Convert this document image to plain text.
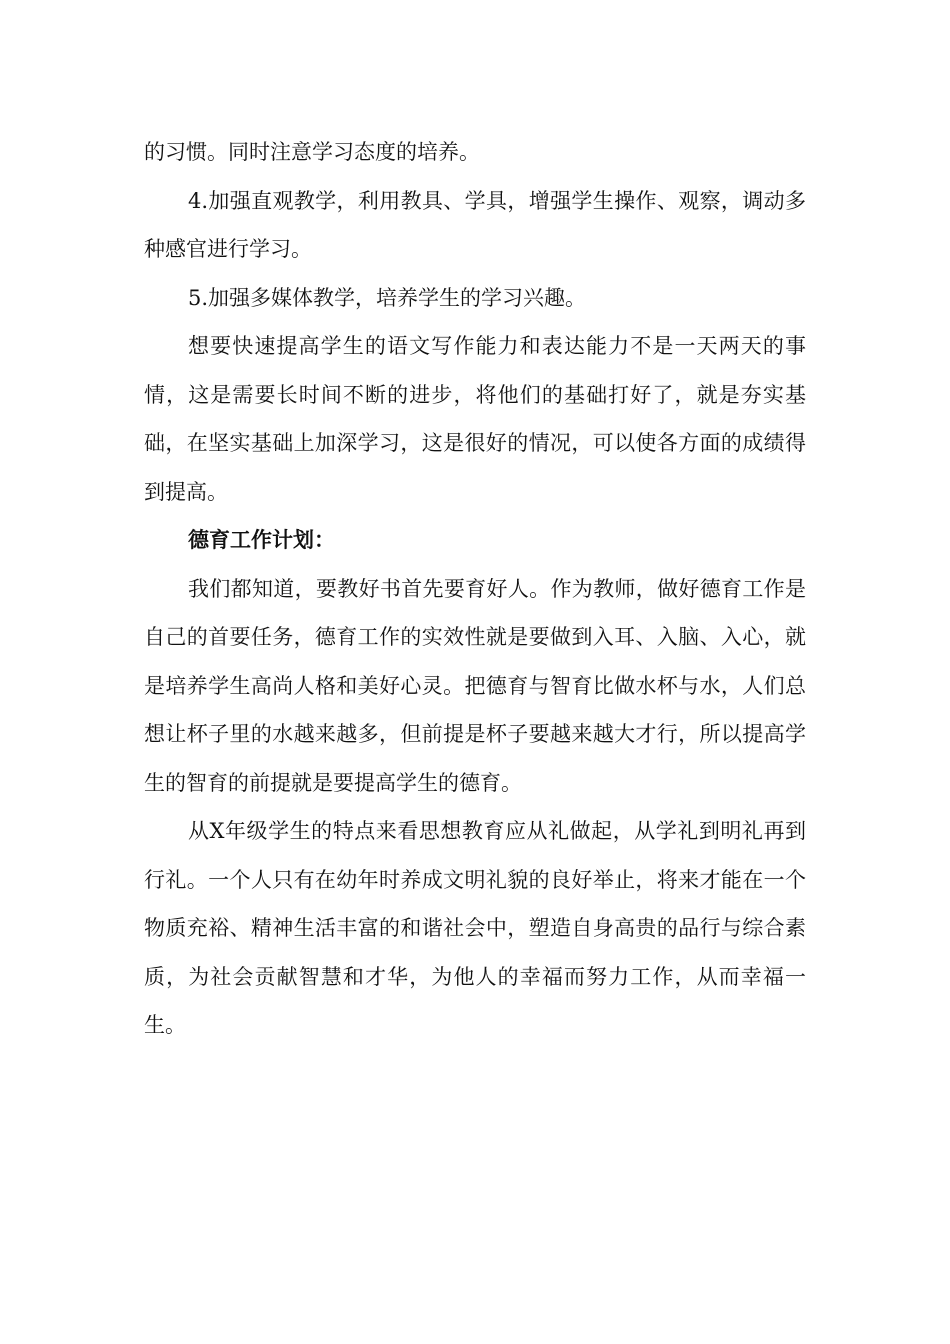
的习惯。同时注意学习态度的培养。

4.加强直观教学，利用教具、学具，增强学生操作、观察，调动多种感官进行学习。

5.加强多媒体教学，培养学生的学习兴趣。

想要快速提高学生的语文写作能力和表达能力不是一天两天的事情，这是需要长时间不断的进步，将他们的基础打好了，就是夯实基础，在坚实基础上加深学习，这是很好的情况，可以使各方面的成绩得到提高。

德育工作计划：

我们都知道，要教好书首先要育好人。作为教师，做好德育工作是自己的首要任务，德育工作的实效性就是要做到入耳、入脑、入心，就是培养学生高尚人格和美好心灵。把德育与智育比做水杯与水，人们总想让杯子里的水越来越多，但前提是杯子要越来越大才行，所以提高学生的智育的前提就是要提高学生的德育。

从X年级学生的特点来看思想教育应从礼做起，从学礼到明礼再到行礼。一个人只有在幼年时养成文明礼貌的良好举止，将来才能在一个物质充裕、精神生活丰富的和谐社会中，塑造自身高贵的品行与综合素质，为社会贡献智慧和才华，为他人的幸福而努力工作，从而幸福一生。
